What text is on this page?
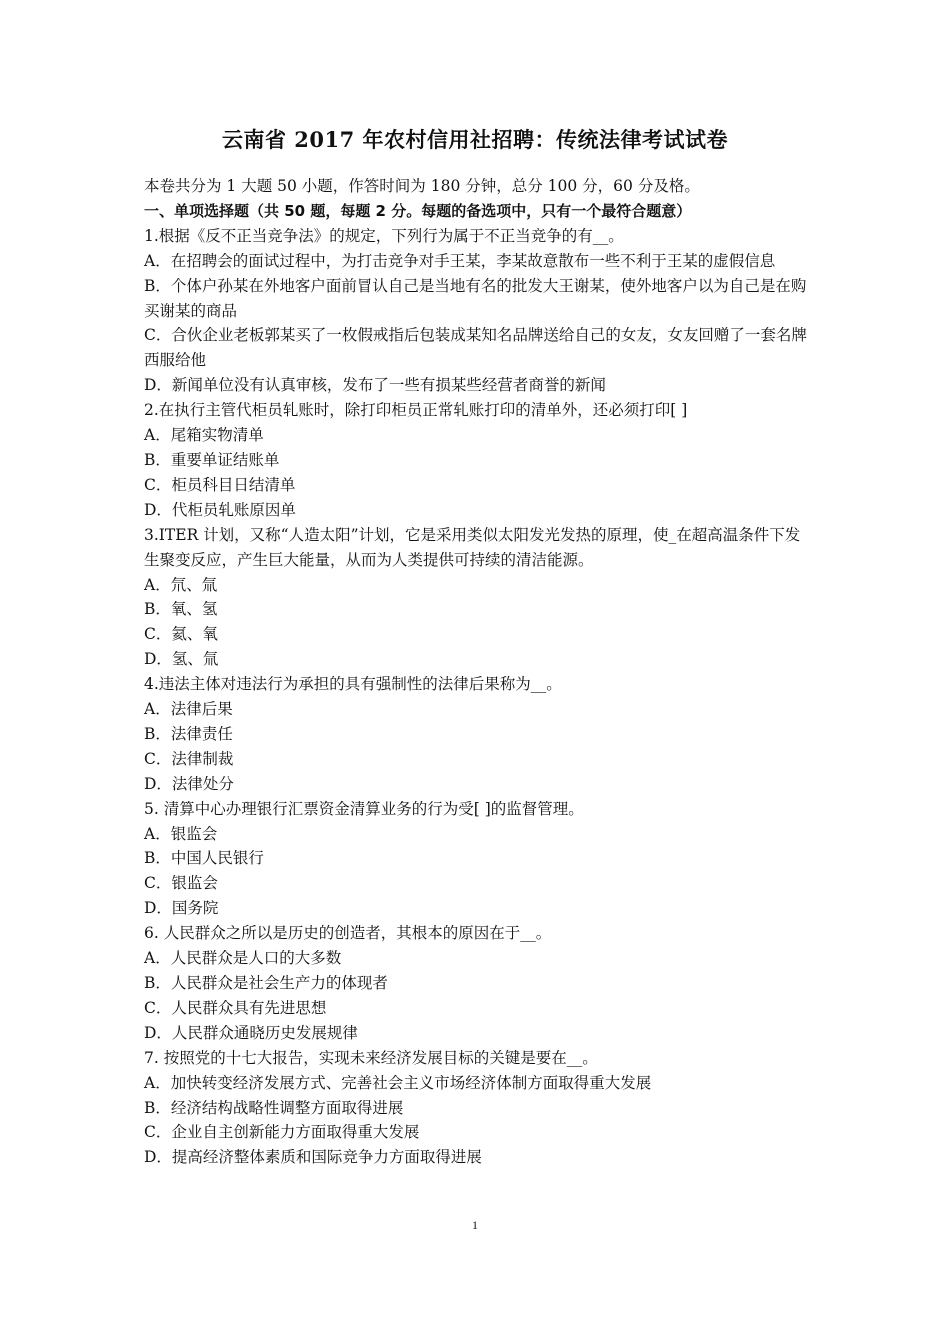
云南省 2017 年农村信用社招聘：传统法律考试试卷

本卷共分为 1 大题 50 小题，作答时间为 180 分钟，总分 100 分，60 分及格。

一、单项选择题（共 50 题，每题 2 分。每题的备选项中，只有一个最符合题意）

1.根据《反不正当竞争法》的规定，下列行为属于不正当竞争的有__。

A．在招聘会的面试过程中，为打击竞争对手王某，李某故意散布一些不利于王某的虚假信息

B．个体户孙某在外地客户面前冒认自己是当地有名的批发大王谢某，使外地客户以为自己是在购买谢某的商品

C．合伙企业老板郭某买了一枚假戒指后包装成某知名品牌送给自己的女友，女友回赠了一套名牌西服给他

D．新闻单位没有认真审核，发布了一些有损某些经营者商誉的新闻

2.在执行主管代柜员轧账时，除打印柜员正常轧账打印的清单外，还必须打印[ ]

A．尾箱实物清单

B．重要单证结账单

C．柜员科目日结清单

D．代柜员轧账原因单

3.ITER 计划，又称“人造太阳”计划，它是采用类似太阳发光发热的原理，使_在超高温条件下发生聚变反应，产生巨大能量，从而为人类提供可持续的清洁能源。

A．氘、氚

B．氧、氢

C．氦、氧

D．氢、氚

4.违法主体对违法行为承担的具有强制性的法律后果称为__。

A．法律后果

B．法律责任

C．法律制裁

D．法律处分

5. 清算中心办理银行汇票资金清算业务的行为受[ ]的监督管理。

A．银监会

B．中国人民银行

C．银监会

D．国务院

6. 人民群众之所以是历史的创造者，其根本的原因在于__。

A．人民群众是人口的大多数

B．人民群众是社会生产力的体现者

C．人民群众具有先进思想

D．人民群众通晓历史发展规律

7. 按照党的十七大报告，实现未来经济发展目标的关键是要在__。

A．加快转变经济发展方式、完善社会主义市场经济体制方面取得重大发展

B．经济结构战略性调整方面取得进展

C．企业自主创新能力方面取得重大发展

D．提高经济整体素质和国际竞争力方面取得进展

1
